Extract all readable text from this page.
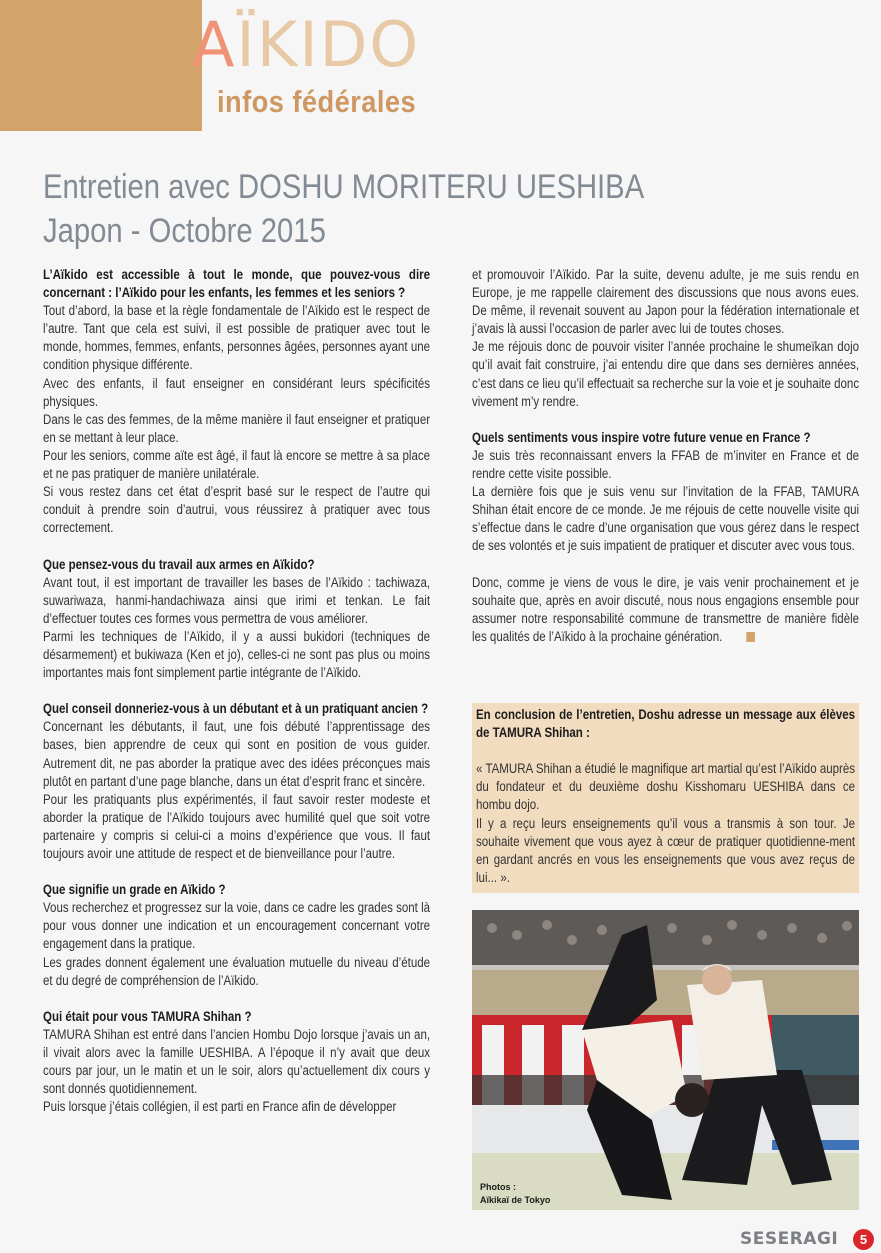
AÏKIDO
infos fédérales
Entretien avec DOSHU MORITERU UESHIBA
Japon - Octobre 2015

L’Aïkido est accessible à tout le monde, que pouvez-vous dire concernant : l’Aïkido pour les enfants, les femmes et les seniors ?

Tout d’abord, la base et la règle fondamentale de l’Aïkido est le respect de l’autre. Tant que cela est suivi, il est possible de pratiquer avec tout le monde, hommes, femmes, enfants, personnes âgées, personnes ayant une condition physique différente.

Avec des enfants, il faut enseigner en considérant leurs spécificités physiques.

Dans le cas des femmes, de la même manière il faut enseigner et pratiquer en se mettant à leur place.

Pour les seniors, comme aïte est âgé, il faut là encore se mettre à sa place et ne pas pratiquer de manière unilatérale.

Si vous restez dans cet état d’esprit basé sur le respect de l’autre qui conduit à prendre soin d’autrui, vous réussirez à pratiquer avec tous correctement.

Que pensez-vous du travail aux armes en Aïkido?

Avant tout, il est important de travailler les bases de l’Aïkido : tachiwaza, suwariwaza, hanmi-handachiwaza ainsi que irimi et tenkan. Le fait d’effectuer toutes ces formes vous permettra de vous améliorer.

Parmi les techniques de l’Aïkido, il y a aussi bukidori (techniques de désarmement) et bukiwaza (Ken et jo), celles-ci ne sont pas plus ou moins importantes mais font simplement partie intégrante de l’Aïkido.

Quel conseil donneriez-vous à un débutant et à un pratiquant ancien ?

Concernant les débutants, il faut, une fois débuté l’apprentissage des bases, bien apprendre de ceux qui sont en position de vous guider. Autrement dit, ne pas aborder la pratique avec des idées préconçues mais plutôt en partant d’une page blanche, dans un état d’esprit franc et sincère.

Pour les pratiquants plus expérimentés, il faut savoir rester modeste et aborder la pratique de l’Aïkido toujours avec humilité quel que soit votre partenaire y compris si celui-ci a moins d’expérience que vous. Il faut toujours avoir une attitude de respect et de bienveillance pour l’autre.

Que signifie un grade en Aïkido ?

Vous recherchez et progressez sur la voie, dans ce cadre les grades sont là pour vous donner une indication et un encouragement concernant votre engagement dans la pratique.

Les grades donnent également une évaluation mutuelle du niveau d’étude et du degré de compréhension de l’Aïkido.

Qui était pour vous TAMURA Shihan ?

TAMURA Shihan est entré dans l’ancien Hombu Dojo lorsque j’avais un an, il vivait alors avec la famille UESHIBA. A l’époque il n’y avait que deux cours par jour, un le matin et un le soir, alors qu’actuellement dix cours y sont donnés quotidiennement.

Puis lorsque j’étais collégien, il est parti en France afin de développer

et promouvoir l’Aïkido. Par la suite, devenu adulte, je me suis rendu en Europe, je me rappelle clairement des discussions que nous avons eues. De même, il revenait souvent au Japon pour la fédération internationale et j’avais là aussi l’occasion de parler avec lui de toutes choses.

Je me réjouis donc de pouvoir visiter l’année prochaine le shumeïkan dojo qu’il avait fait construire, j’ai entendu dire que dans ses dernières années, c’est dans ce lieu qu’il effectuait sa recherche sur la voie et je souhaite donc vivement m’y rendre.

Quels sentiments vous inspire votre future venue en France ?

Je suis très reconnaissant envers la FFAB de m’inviter en France et de rendre cette visite possible.

La dernière fois que je suis venu sur l’invitation de la FFAB, TAMURA Shihan était encore de ce monde. Je me réjouis de cette nouvelle visite qui s’effectue dans le cadre d’une organisation que vous gérez dans le respect de ses volontés et je suis impatient de pratiquer et discuter avec vous tous.

Donc, comme je viens de vous le dire, je vais venir prochainement et je souhaite que, après en avoir discuté, nous nous engagions ensemble pour assumer notre responsabilité commune de transmettre de manière fidèle les qualités de l’Aïkido à la prochaine génération.

En conclusion de l’entretien, Doshu adresse un message aux élèves de TAMURA Shihan :

« TAMURA Shihan a étudié le magnifique art martial qu’est l’Aïkido auprès du fondateur et du deuxième doshu Kisshomaru UESHIBA dans ce hombu dojo.

Il y a reçu leurs enseignements qu’il vous a transmis à son tour. Je souhaite vivement que vous ayez à cœur de pratiquer quotidienne-ment en gardant ancrés en vous les enseignements que vous avez reçus de lui... ».

Photos :
Aïkikaï de Tokyo
SESERAGI	5
